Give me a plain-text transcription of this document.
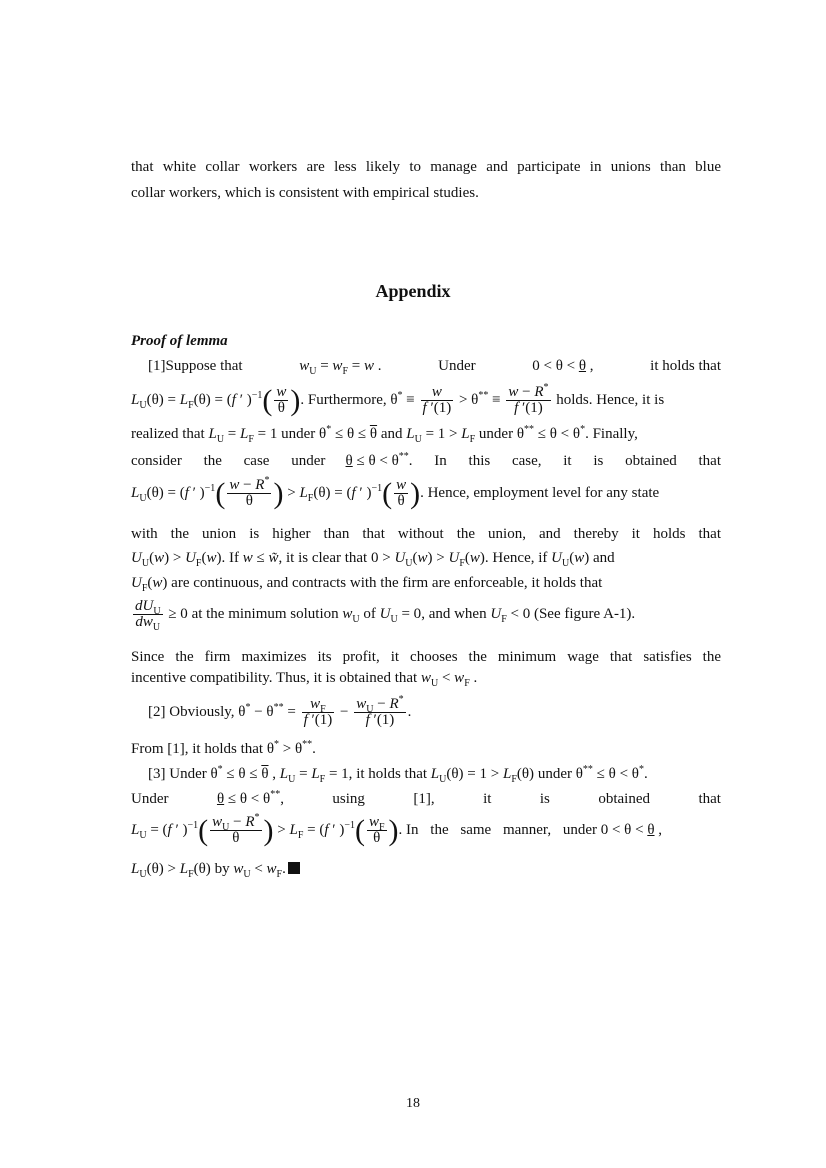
that white collar workers are less likely to manage and participate in unions than blue
collar workers, which is consistent with empirical studies.
Appendix
Proof of lemma
[1]Suppose that	$w_U = w_F = w$ .	Under	0 < θ < θ ,	it holds that
$L_U(\theta) = L_F(\theta) = (f$ ′ )$^{-1}( \frac{w}{\theta}$ ). Furthermore, $\theta^* \equiv \frac{w}{f '(1)} > \theta^{**} \equiv \frac{w - R^*}{f '(1)}$ holds. Hence, it is
realized that $L_U = L_F = 1$ under $\theta^* \le \theta \le \overline{\theta}$ and $L_U = 1 > L_F$ under θ** ≤ θ < θ*. Finally,
consider the case under θ ≤ θ < θ**. In this case, it is obtained that
$L_U(\theta) = (f$ ′ )$^{-1}( \frac{w - R^*}{\theta}$ ) > $L_F(\theta) = (f$ ′ )$^{-1}( \frac{w}{\theta}$ ). Hence, employment level for any state
with the union is higher than that without the union, and thereby it holds that
$U_U(w) > U_F(w)$. If w ≤ w̃, it is clear that $0 > U_U(w) > U_F(w)$. Hence, if $U_U(w)$ and
$U_F(w)$ are continuous, and contracts with the firm are enforceable, it holds that
$\frac{dU_U}{dw_U} \ge 0$ at the minimum solution $w_U$ of $U_U = 0$, and when $U_F < 0$ (See figure A-1).
Since the firm maximizes its profit, it chooses the minimum wage that satisfies the
incentive compatibility. Thus, it is obtained that $w_U < w_F$ .
[2] Obviously, $\theta^* - \theta^{**} = \frac{w_F}{f '(1)} - \frac{w_U - R^*}{f '(1)}$ .
From [1], it holds that θ* > θ**.
[3] Under $\theta^* \le \theta \le \overline{\theta}$ , $L_U = L_F = 1$, it holds that $L_U(\theta) = 1 > L_F(\theta)$ under θ** ≤ θ < θ*.
Under	θ ≤ θ < θ**,	using	[1],	it	is	obtained	that
$L_U = (f$ ′ )$^{-1}( \frac{w_U - R^*}{\theta}$ ) > $L_F = (f$ ′ )$^{-1}( \frac{w_F}{\theta}$ ). In the same manner, under 0 < θ < θ ,
$L_U(\theta) > L_F(\theta)$ by $w_U < w_F$.
18
